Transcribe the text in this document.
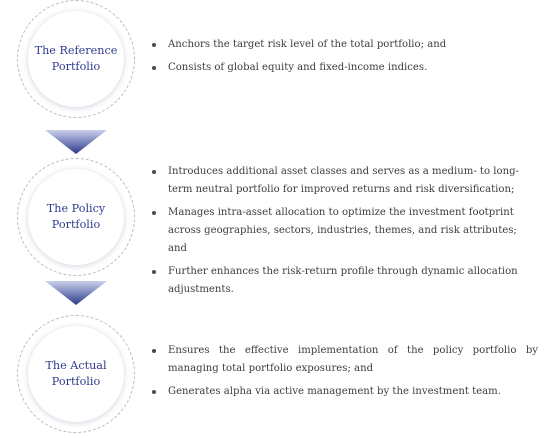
The Reference
Portfolio
Anchors the target risk level of the total portfolio; and
Consists of global equity and fixed-income indices.
The Policy
Portfolio
Introduces additional asset classes and serves as a medium- to long-term neutral portfolio for improved returns and risk diversification;
Manages intra-asset allocation to optimize the investment footprint across geographies, sectors, industries, themes, and risk attributes; and
Further enhances the risk-return profile through dynamic allocation adjustments.
The Actual
Portfolio
Ensures the effective implementation of the policy portfolio by managing total portfolio exposures; and
Generates alpha via active management by the investment team.
